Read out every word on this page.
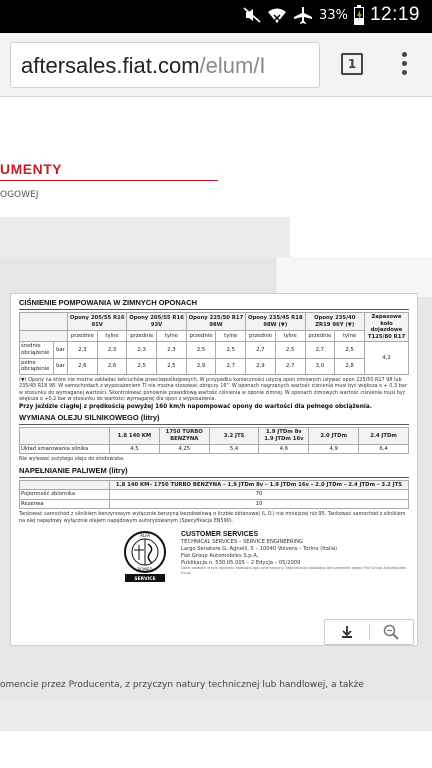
33% 12:19
aftersales.fiat.com/elum/I	1
UMENTY
OGOWEJ
CIŚNIENIE POMPOWANIA W ZIMNYCH OPONACH
		Opony 205/55 R16 91V		Opony 205/55 R16 93V		Opony 225/50 R17 98W		Opony 235/45 R18 98W (▼)		Opony 235/40 ZR19 96Y (▼)		Zapasowe koło dojazdowe T125/80 R17
		przednie	tylne	przednie	tylne	przednie	tylne	przednie	tylne	przednie	tylne	
średnie obciążenie	bar	2,3	2,3	2,3	2,3	2,5	2,5	2,7	2,5	2,7	2,5	4,2
pełne obciążenie	bar	2,6	2,6	2,5	2,5	2,9	2,7	2,9	2,7	3,0	2,8	
(▼) Opony na które nie można zakładać łańcuchów przeciwpoślizgowych. W przypadku konieczności użycia opon zimowych używać opon 225/50 R17 98 lub 235/45 R18 98. W samochodach z wyposażeniem TI nie można stosować obręczy 16". W oponach nagrzanych wartość ciśnienia musi być większa o + 0,3 bar w stosunku do wymaganej wartości. Skontrolować ponownie prawidłową wartość ciśnienia w oponie zimnej. W oponach zimowych wartość ciśnienia musi być większa o +0,2 bar w stosunku do wartości wymaganej dla opon z wyposażenia.
Przy jeździe ciągłej z prędkością powyżej 160 km/h napompować opony do wartości dla pełnego obciążenia.
WYMIANA OLEJU SILNIKOWEGO (litry)
	1.8 140 KM	1750 TURBO BENZYNA	3.2 JTS	1.9 JTDm 8v 1.9 JTDm 16v	2.0 JTDm	2.4 JTDm
Układ smarowania silnika	4,5	4,25	5,4	4,6	4,9	6,4
Nie wylewać zużytego oleju do środowiska.
NAPEŁNIANIE PALIWEM (litry)
	1.8 140 KM– 1750 TURBO BENZYNA – 1.9 JTDm 8v – 1.9 JTDm 16v – 2.0 JTDm – 2.4 JTDm – 3.2 JTS
Pojemność zbiornika	70
Rezerwa	10
Tankować samochód z silnikiem benzynowym wyłącznie benzyną bezołowiową o liczbie oktanowej (L.O.) nie mniejszej niż 95. Tankować samochód z silnikiem na olej napędowy wyłącznie olejem napędowym autoryzowanym (Specyfikacja EN590).
ALFA
ROMEO
SERVICE
CUSTOMER SERVICES
TECHNICAL SERVICES – SERVICE ENGINEERING
Largo Senatore G. Agnelli, 5 – 10040 Volvera – Torino (Italia)
Fiat Group Automobiles S.p.A.
Publikacja n. 530.05.005 – 2 Edycja – 05/2009
Dane zawarte w tym wydaniu stanowią opis orientacyjny. Reprodukcja zakazana bez pisemnej zgody Fiat Group Automobiles S.p.A.
omencie przez Producenta, z przyczyn natury technicznej lub handlowej, a także
